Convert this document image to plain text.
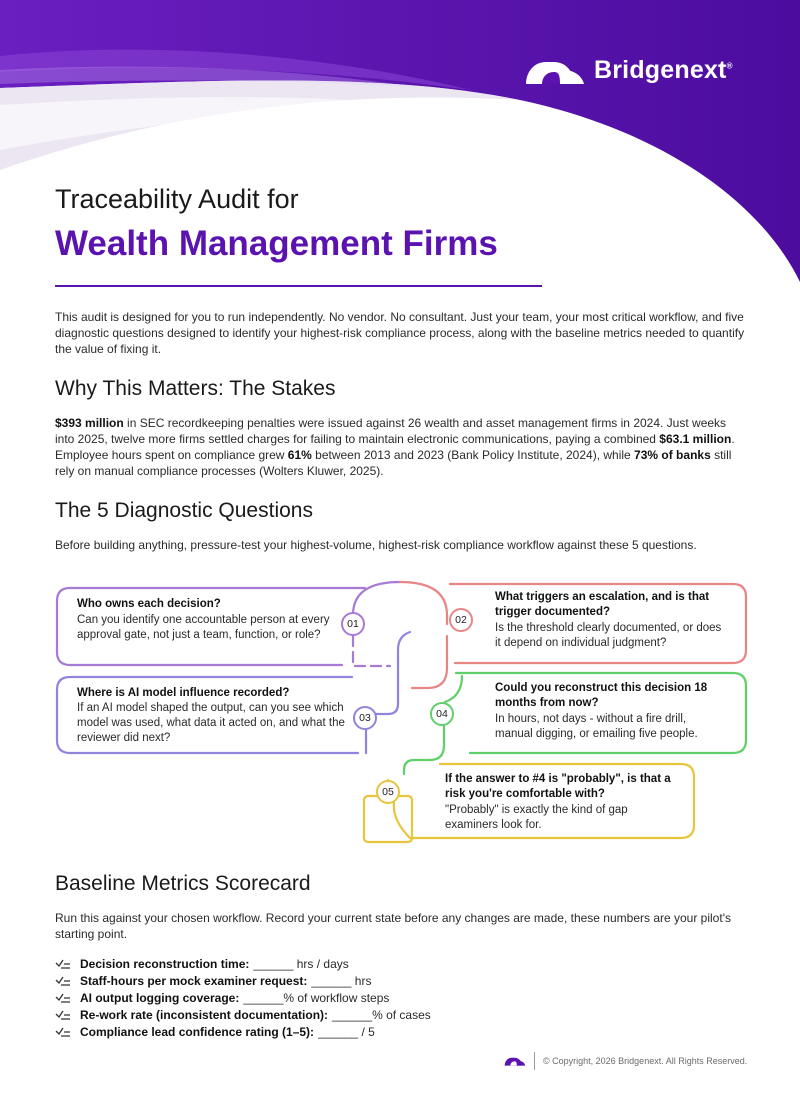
Bridgenext®
Traceability Audit for
Wealth Management Firms

This audit is designed for you to run independently. No vendor. No consultant. Just your team, your most critical workflow, and five diagnostic questions designed to identify your highest-risk compliance process, along with the baseline metrics needed to quantify the value of fixing it.

Why This Matters: The Stakes

$393 million in SEC recordkeeping penalties were issued against 26 wealth and asset management firms in 2024. Just weeks into 2025, twelve more firms settled charges for failing to maintain electronic communications, paying a combined $63.1 million. Employee hours spent on compliance grew 61% between 2013 and 2023 (Bank Policy Institute, 2024), while 73% of banks still rely on manual compliance processes (Wolters Kluwer, 2025).

The 5 Diagnostic Questions

Before building anything, pressure-test your highest-volume, highest-risk compliance workflow against these 5 questions.

01	02
03	04
05
Who owns each decision?
Can you identify one accountable person at every approval gate, not just a team, function, or role?
What triggers an escalation, and is that trigger documented?
Is the threshold clearly documented, or does it depend on individual judgment?
Where is AI model influence recorded?
If an AI model shaped the output, can you see which model was used, what data it acted on, and what the reviewer did next?
Could you reconstruct this decision 18 months from now?
In hours, not days - without a fire drill, manual digging, or emailing five people.
If the answer to #4 is "probably", is that a risk you're comfortable with?
"Probably" is exactly the kind of gap examiners look for.
Baseline Metrics Scorecard

Run this against your chosen workflow. Record your current state before any changes are made, these numbers are your pilot's starting point.

Decision reconstruction time: ______ hrs / days
Staff-hours per mock examiner request: ______ hrs
AI output logging coverage: ______% of workflow steps
Re-work rate (inconsistent documentation): ______% of cases
Compliance lead confidence rating (1–5): ______ / 5
© Copyright, 2026 Bridgenext. All Rights Reserved.
